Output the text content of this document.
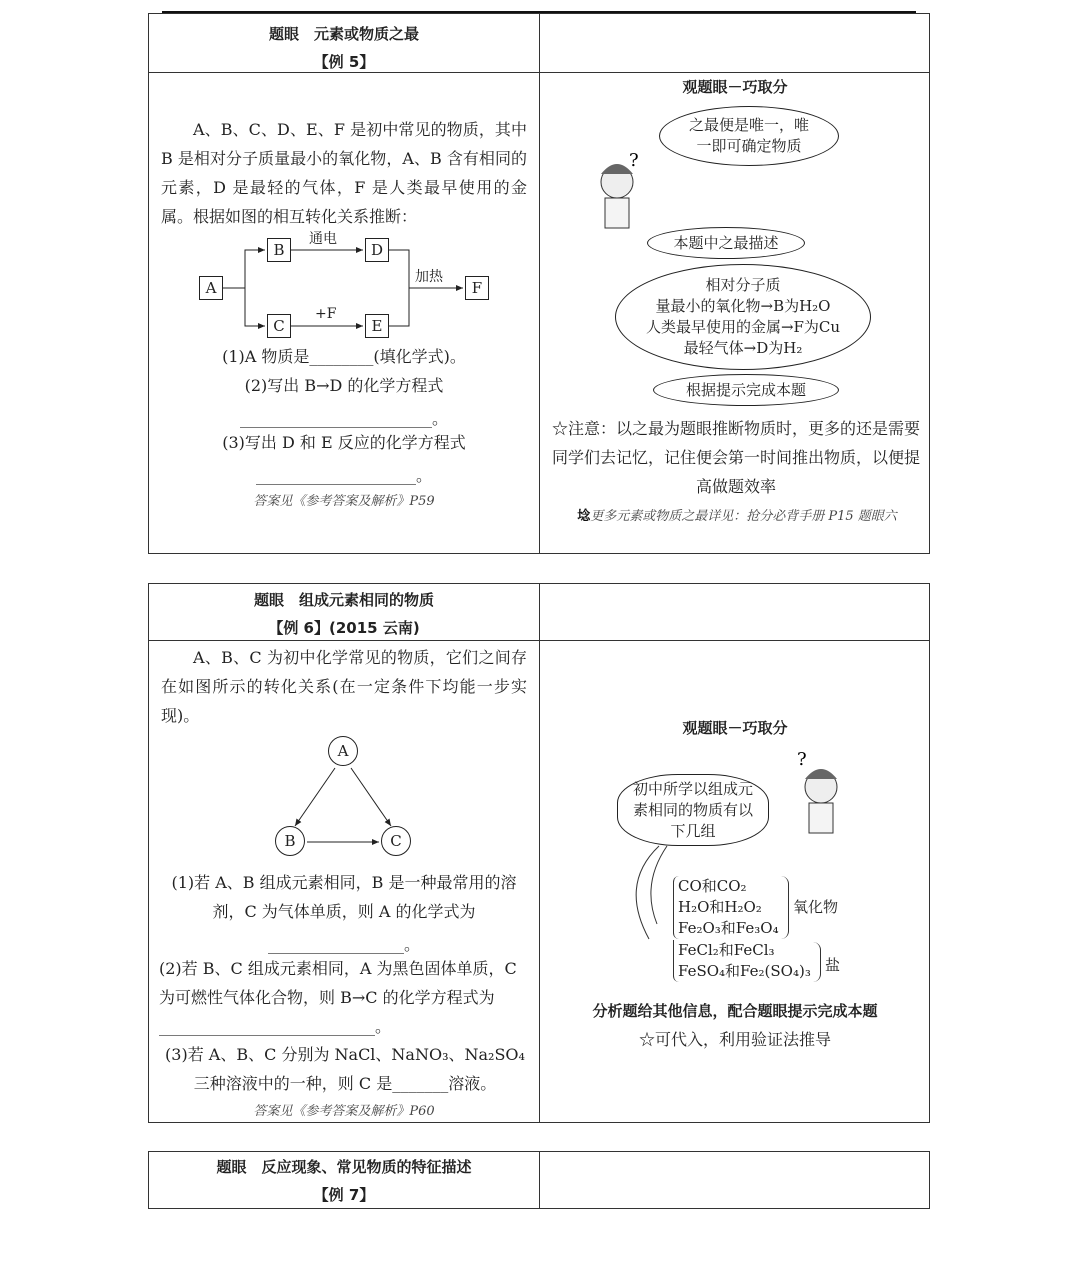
题眼　元素或物质之最
【例 5】
A、B、C、D、E、F 是初中常见的物质，其中 B 是相对分子质量最小的氧化物，A、B 含有相同的元素，D 是最轻的气体，F 是人类最早使用的金属。根据如图的相互转化关系推断：
A
B
C
D
E
F
通电
+F
加热
(1)A 物质是________(填化学式)。
(2)写出 B→D 的化学方程式
________________________。
(3)写出 D 和 E 反应的化学方程式
____________________。
答案见《参考答案及解析》P59
观题眼－巧取分
?
之最便是唯一，唯一即可确定物质
本题中之最描述
相对分子质
量最小的氧化物→B为H₂O
人类最早使用的金属→F为Cu
最轻气体→D为H₂
根据提示完成本题
☆注意：以之最为题眼推断物质时，更多的还是需要同学们去记忆，记住便会第一时间推出物质，以便提高做题效率
埝更多元素或物质之最详见：抢分必背手册 P15 题眼六
题眼　组成元素相同的物质
【例 6】(2015 云南)
A、B、C 为初中化学常见的物质，它们之间存在如图所示的转化关系(在一定条件下均能一步实现)。
A
B	C
(1)若 A、B 组成元素相同，B 是一种最常用的溶剂，C 为气体单质，则 A 的化学式为
_________________。
(2)若 B、C 组成元素相同，A 为黑色固体单质，C 为可燃性气体化合物，则 B→C 的化学方程式为___________________________。
(3)若 A、B、C 分别为 NaCl、NaNO₃、Na₂SO₄ 三种溶液中的一种，则 C 是_______溶液。
答案见《参考答案及解析》P60
观题眼－巧取分
初中所学以组成元素相同的物质有以下几组
?
CO和CO₂
H₂O和H₂O₂
Fe₂O₃和Fe₃O₄
氧化物
FeCl₂和FeCl₃
FeSO₄和Fe₂(SO₄)₃ 盐
分析题给其他信息，配合题眼提示完成本题
☆可代入，利用验证法推导
题眼　反应现象、常见物质的特征描述
【例 7】
